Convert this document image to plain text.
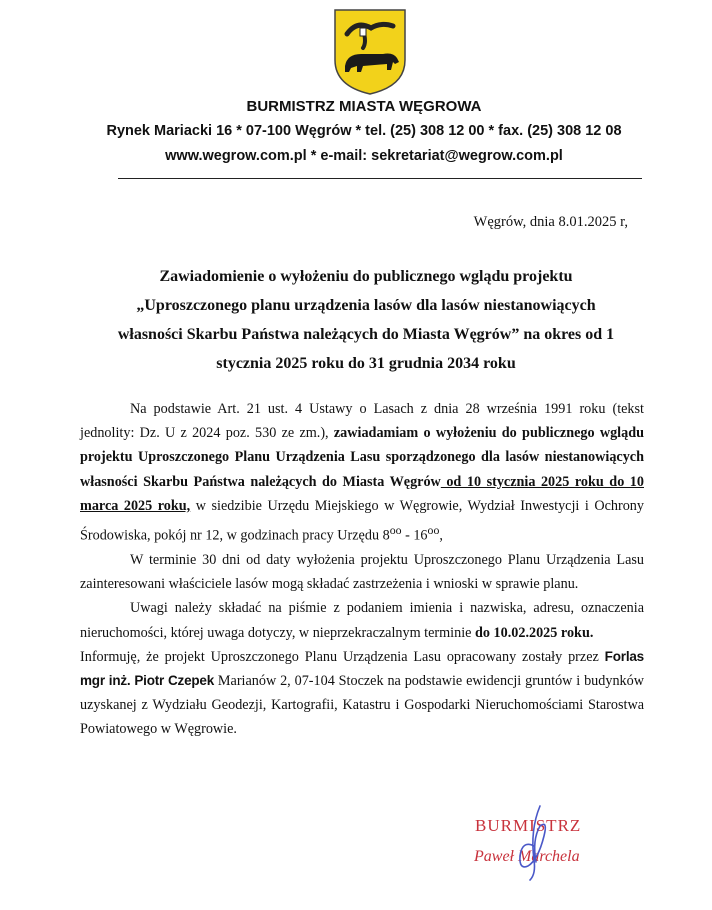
BURMISTRZ MIASTA WĘGROWA
Rynek Mariacki 16 * 07-100 Węgrów * tel. (25) 308 12 00 * fax. (25) 308 12 08
www.wegrow.com.pl * e-mail: sekretariat@wegrow.com.pl
Węgrów, dnia 8.01.2025 r,
Zawiadomienie o wyłożeniu do publicznego wglądu projektu
„Uproszczonego planu urządzenia lasów dla lasów niestanowiących
własności Skarbu Państwa należących do Miasta Węgrów” na okres od 1
stycznia 2025 roku do 31 grudnia 2034 roku

Na podstawie Art. 21 ust. 4 Ustawy o Lasach z dnia 28 września 1991 roku (tekst jednolity: Dz. U z 2024 poz. 530 ze zm.), zawiadamiam o wyłożeniu do publicznego wglądu projektu Uproszczonego Planu Urządzenia Lasu sporządzonego dla lasów niestanowiących własności Skarbu Państwa należących do Miasta Węgrów od 10 stycznia 2025 roku do 10 marca 2025 roku, w siedzibie Urzędu Miejskiego w Węgrowie, Wydział Inwestycji i Ochrony Środowiska, pokój nr 12, w godzinach pracy Urzędu $8^{oo} - 16^{oo}$,

W terminie 30 dni od daty wyłożenia projektu Uproszczonego Planu Urządzenia Lasu zainteresowani właściciele lasów mogą składać zastrzeżenia i wnioski w sprawie planu.

Uwagi należy składać na piśmie z podaniem imienia i nazwiska, adresu, oznaczenia nieruchomości, której uwaga dotyczy, w nieprzekraczalnym terminie do 10.02.2025 roku.

Informuję, że projekt Uproszczonego Planu Urządzenia Lasu opracowany zostały przez Forlas mgr inż. Piotr Czepek Marianów 2, 07-104 Stoczek na podstawie ewidencji gruntów i budynków uzyskanej z Wydziału Geodezji, Kartografii, Katastru i Gospodarki Nieruchomościami Starostwa Powiatowego w Węgrowie.

BURMISTRZ
Paweł Marchela
